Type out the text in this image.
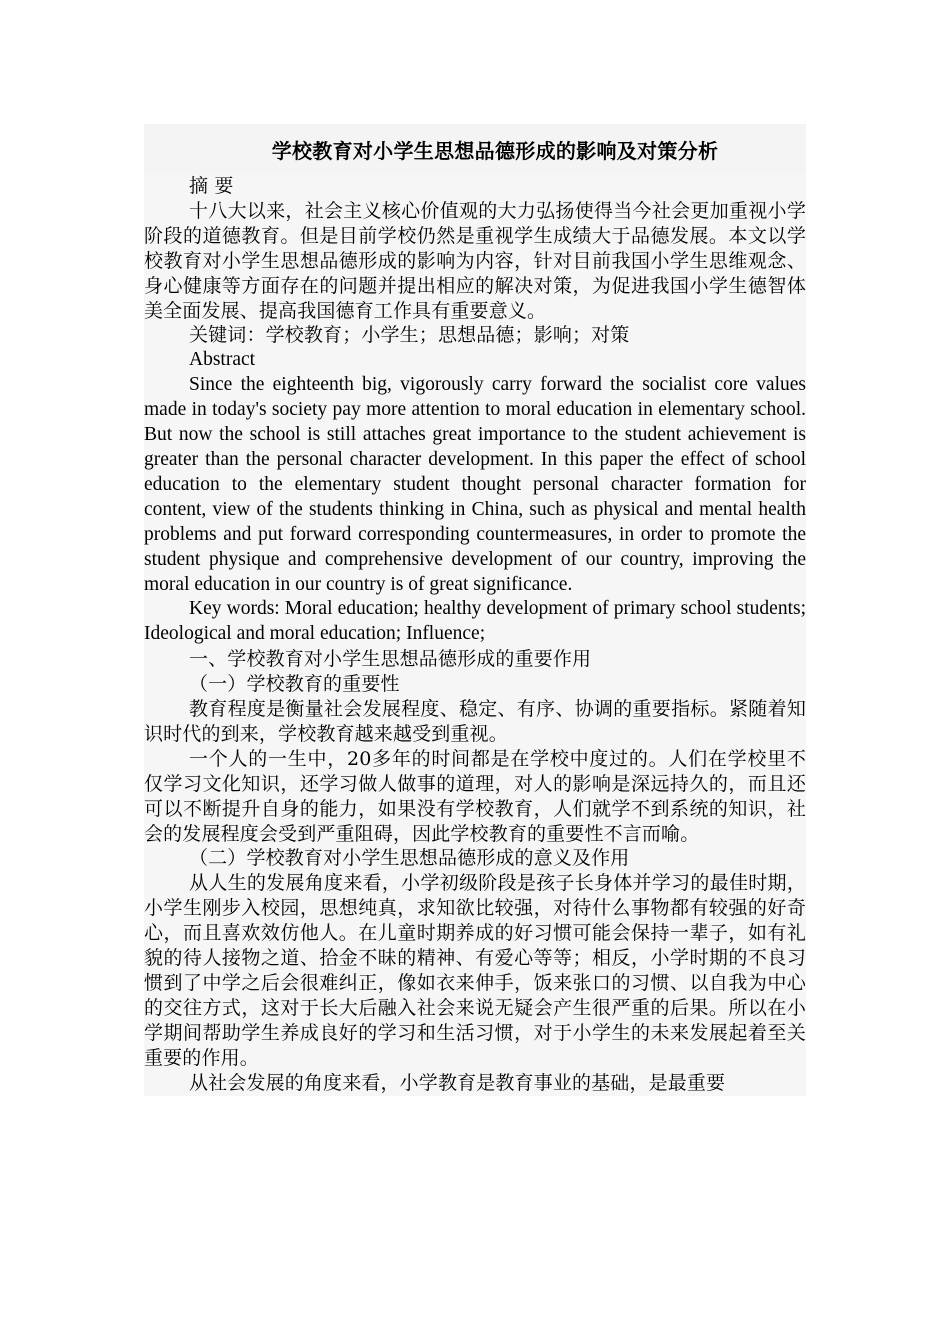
学校教育对小学生思想品德形成的影响及对策分析

摘 要

十八大以来，社会主义核心价值观的大力弘扬使得当今社会更加重视小学阶段的道德教育。但是目前学校仍然是重视学生成绩大于品德发展。本文以学校教育对小学生思想品德形成的影响为内容，针对目前我国小学生思维观念、身心健康等方面存在的问题并提出相应的解决对策，为促进我国小学生德智体美全面发展、提高我国德育工作具有重要意义。

关键词：学校教育；小学生；思想品德；影响；对策

Abstract

Since the eighteenth big, vigorously carry forward the socialist core values made in today's society pay more attention to moral education in elementary school. But now the school is still attaches great importance to the student achievement is greater than the personal character development. In this paper the effect of school education to the elementary student thought personal character formation for content, view of the students thinking in China, such as physical and mental health problems and put forward corresponding countermeasures, in order to promote the student physique and comprehensive development of our country, improving the moral education in our country is of great significance.

Key words: Moral education; healthy development of primary school students; Ideological and moral education; Influence;

一、学校教育对小学生思想品德形成的重要作用

（一）学校教育的重要性

教育程度是衡量社会发展程度、稳定、有序、协调的重要指标。紧随着知识时代的到来，学校教育越来越受到重视。

一个人的一生中，20多年的时间都是在学校中度过的。人们在学校里不仅学习文化知识，还学习做人做事的道理，对人的影响是深远持久的，而且还可以不断提升自身的能力，如果没有学校教育，人们就学不到系统的知识，社会的发展程度会受到严重阻碍，因此学校教育的重要性不言而喻。

（二）学校教育对小学生思想品德形成的意义及作用

从人生的发展角度来看，小学初级阶段是孩子长身体并学习的最佳时期，小学生刚步入校园，思想纯真，求知欲比较强，对待什么事物都有较强的好奇心，而且喜欢效仿他人。在儿童时期养成的好习惯可能会保持一辈子，如有礼貌的待人接物之道、拾金不昧的精神、有爱心等等；相反，小学时期的不良习惯到了中学之后会很难纠正，像如衣来伸手，饭来张口的习惯、以自我为中心的交往方式，这对于长大后融入社会来说无疑会产生很严重的后果。所以在小学期间帮助学生养成良好的学习和生活习惯，对于小学生的未来发展起着至关重要的作用。

从社会发展的角度来看，小学教育是教育事业的基础，是最重要
